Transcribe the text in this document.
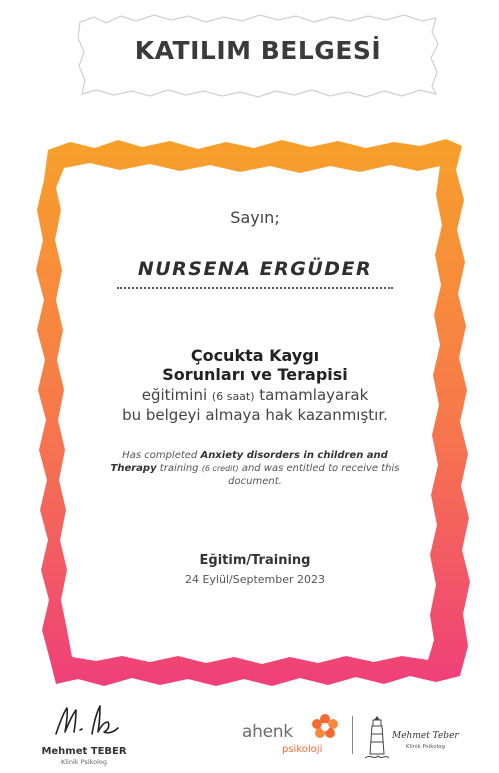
KATILIM BELGESİ
Sayın;
NURSENA ERGÜDER
Çocukta Kaygı
Sorunları ve Terapisi
eğitimini (6 saat) tamamlayarak
bu belgeyi almaya hak kazanmıştır.
Has completed Anxiety disorders in children and Therapy training (6 credit) and was entitled to receive this document.
Eğitim/Training
24 Eylül/September 2023
Mehmet TEBER
Klinik Psikolog
ahenk
psikoloji
Mehmet Teber
Klinik Psikolog
